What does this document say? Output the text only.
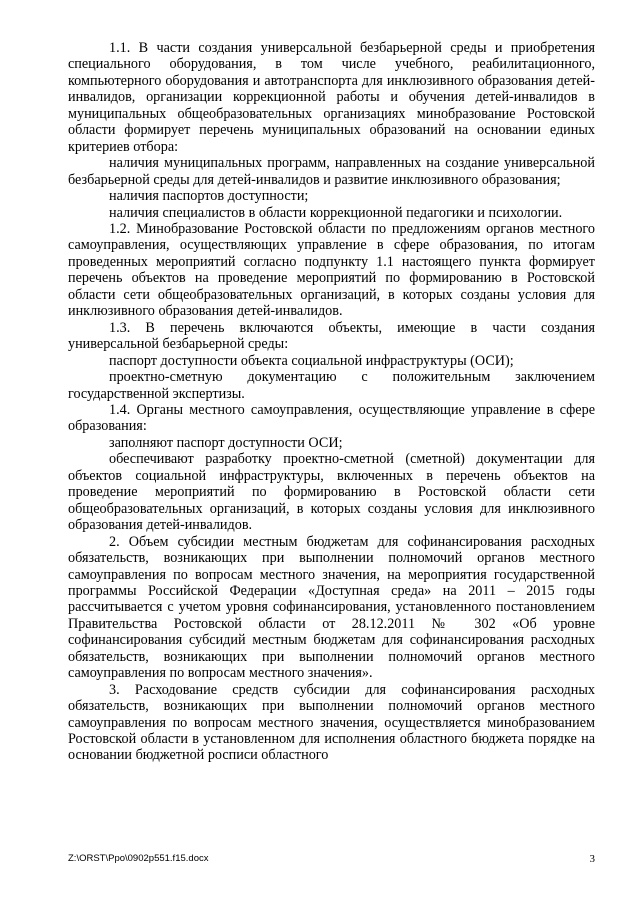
1.1. В части создания универсальной безбарьерной среды и приобретения специального оборудования, в том числе учебного, реабилитационного, компьютерного оборудования и автотранспорта для инклюзивного образования детей-инвалидов, организации коррекционной работы и обучения детей-инвалидов в муниципальных общеобразовательных организациях минобразование Ростовской области формирует перечень муниципальных образований на основании единых критериев отбора:

наличия муниципальных программ, направленных на создание универсальной безбарьерной среды для детей-инвалидов и развитие инклюзивного образования;

наличия паспортов доступности;

наличия специалистов в области коррекционной педагогики и психологии.

1.2. Минобразование Ростовской области по предложениям органов местного самоуправления, осуществляющих управление в сфере образования, по итогам проведенных мероприятий согласно подпункту 1.1 настоящего пункта формирует перечень объектов на проведение мероприятий по формированию в Ростовской области сети общеобразовательных организаций, в которых созданы условия для инклюзивного образования детей-инвалидов.

1.3. В перечень включаются объекты, имеющие в части создания универсальной безбарьерной среды:

паспорт доступности объекта социальной инфраструктуры (ОСИ);

проектно-сметную документацию с положительным заключением государственной экспертизы.

1.4. Органы местного самоуправления, осуществляющие управление в сфере образования:

заполняют паспорт доступности ОСИ;

обеспечивают разработку проектно-сметной (сметной) документации для объектов социальной инфраструктуры, включенных в перечень объектов на проведение мероприятий по формированию в Ростовской области сети общеобразовательных организаций, в которых созданы условия для инклюзивного образования детей-инвалидов.

2. Объем субсидии местным бюджетам для софинансирования расходных обязательств, возникающих при выполнении полномочий органов местного самоуправления по вопросам местного значения, на мероприятия государственной программы Российской Федерации «Доступная среда» на 2011 – 2015 годы рассчитывается с учетом уровня софинансирования, установленного постановлением Правительства Ростовской области от 28.12.2011 № 302 «Об уровне софинансирования субсидий местным бюджетам для софинансирования расходных обязательств, возникающих при выполнении полномочий органов местного самоуправления по вопросам местного значения».

3. Расходование средств субсидии для софинансирования расходных обязательств, возникающих при выполнении полномочий органов местного самоуправления по вопросам местного значения, осуществляется минобразованием Ростовской области в установленном для исполнения областного бюджета порядке на основании бюджетной росписи областного

Z:\ORST\Ppo\0902p551.f15.docx	3
